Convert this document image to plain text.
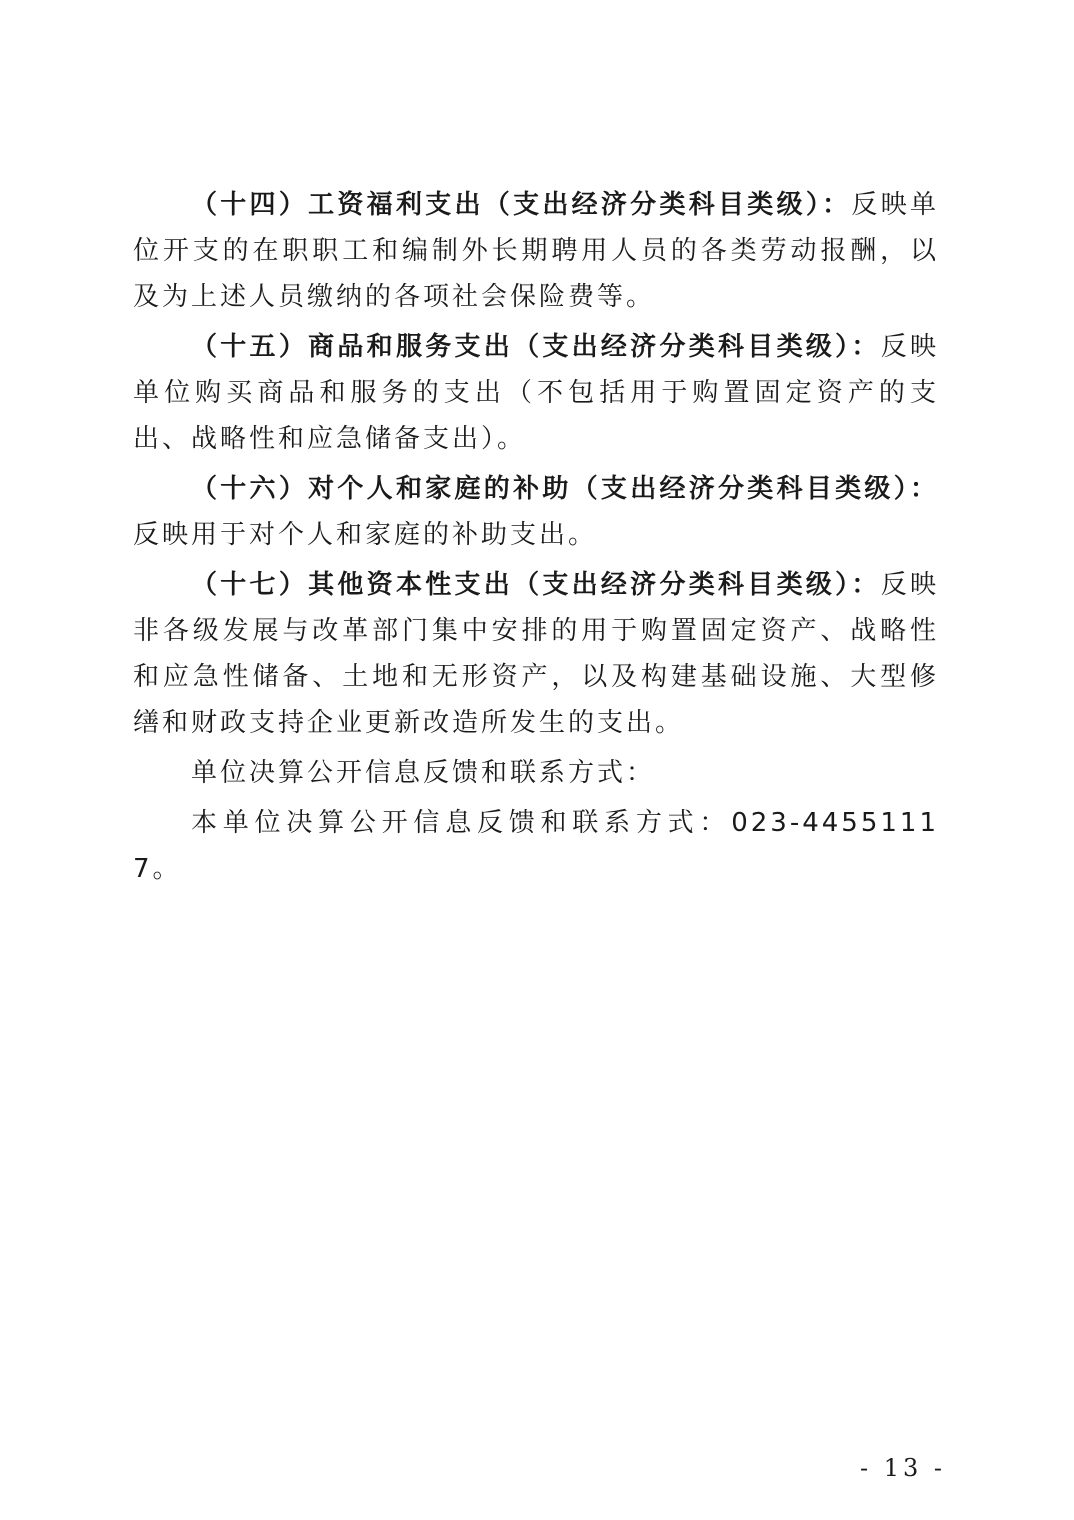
（十四）工资福利支出（支出经济分类科目类级）：反映单位开支的在职职工和编制外长期聘用人员的各类劳动报酬，以及为上述人员缴纳的各项社会保险费等。

（十五）商品和服务支出（支出经济分类科目类级）：反映单位购买商品和服务的支出（不包括用于购置固定资产的支出、战略性和应急储备支出）。

（十六）对个人和家庭的补助（支出经济分类科目类级）：反映用于对个人和家庭的补助支出。

（十七）其他资本性支出（支出经济分类科目类级）：反映非各级发展与改革部门集中安排的用于购置固定资产、战略性和应急性储备、土地和无形资产，以及构建基础设施、大型修缮和财政支持企业更新改造所发生的支出。

单位决算公开信息反馈和联系方式：

本单位决算公开信息反馈和联系方式：023-44551117。

- 13 -
